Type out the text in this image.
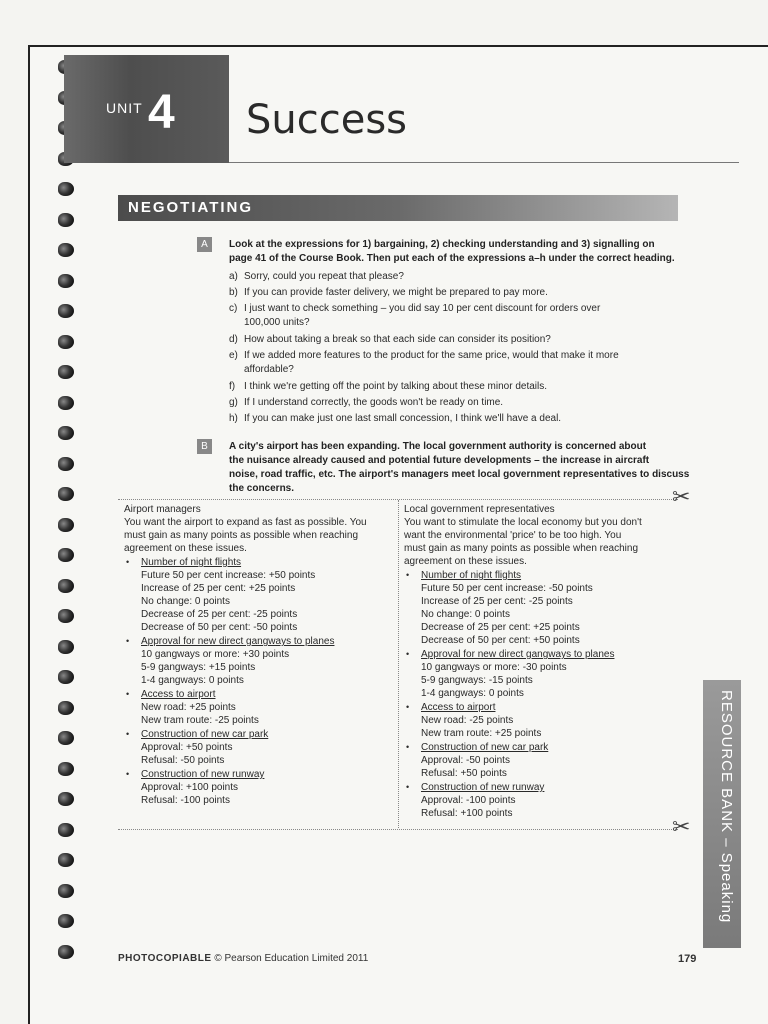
UNIT 4 Success
NEGOTIATING
A	Look at the expressions for 1) bargaining, 2) checking understanding and 3) signalling on
page 41 of the Course Book. Then put each of the expressions a–h under the correct heading.
a) Sorry, could you repeat that please?
b) If you can provide faster delivery, we might be prepared to pay more.
c) I just want to check something – you did say 10 per cent discount for orders over
100,000 units?
d) How about taking a break so that each side can consider its position?
e) If we added more features to the product for the same price, would that make it more
affordable?
f) I think we're getting off the point by talking about these minor details.
g) If I understand correctly, the goods won't be ready on time.
h) If you can make just one last small concession, I think we'll have a deal.
B	A city's airport has been expanding. The local government authority is concerned about
the nuisance already caused and potential future developments – the increase in aircraft
noise, road traffic, etc. The airport's managers meet local government representatives to discuss
the concerns.	✂
✂
Airport managers
You want the airport to expand as fast as possible. You
must gain as many points as possible when reaching
agreement on these issues.
• Number of night flights
Future 50 per cent increase: +50 points
Increase of 25 per cent: +25 points
No change: 0 points
Decrease of 25 per cent: -25 points
Decrease of 50 per cent: -50 points
• Approval for new direct gangways to planes
10 gangways or more: +30 points
5-9 gangways: +15 points
1-4 gangways: 0 points
• Access to airport
New road: +25 points
New tram route: -25 points
• Construction of new car park
Approval: +50 points
Refusal: -50 points
• Construction of new runway
Approval: +100 points
Refusal: -100 points
Local government representatives
You want to stimulate the local economy but you don't
want the environmental 'price' to be too high. You
must gain as many points as possible when reaching
agreement on these issues.
• Number of night flights
Future 50 per cent increase: -50 points
Increase of 25 per cent: -25 points
No change: 0 points
Decrease of 25 per cent: +25 points
Decrease of 50 per cent: +50 points
• Approval for new direct gangways to planes
10 gangways or more: -30 points
5-9 gangways: -15 points
1-4 gangways: 0 points
• Access to airport
New road: -25 points
New tram route: +25 points
• Construction of new car park
Approval: -50 points
Refusal: +50 points
• Construction of new runway
Approval: -100 points
Refusal: +100 points	RESOURCE BANK – Speaking
PHOTOCOPIABLE © Pearson Education Limited 2011	179
